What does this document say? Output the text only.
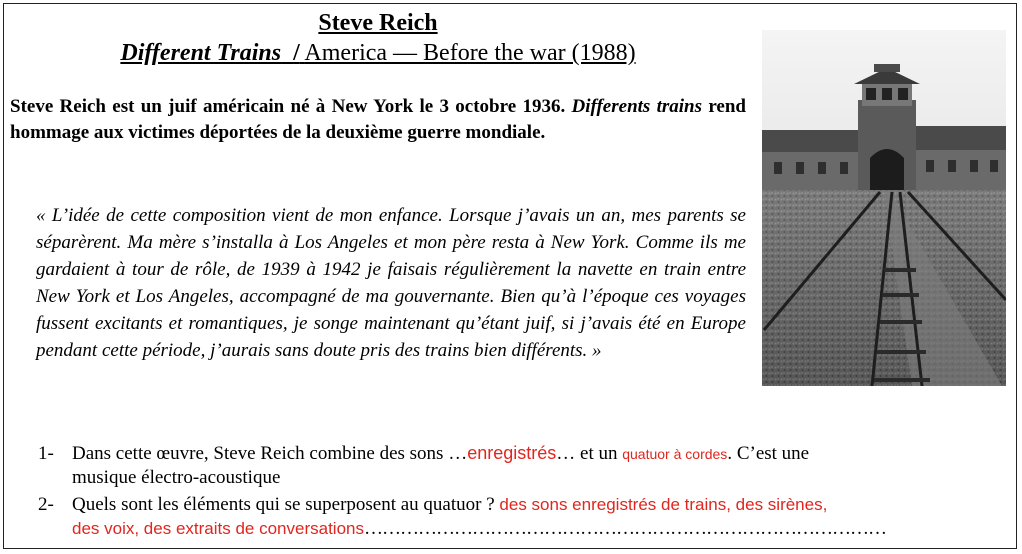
Steve Reich
Different Trains / America — Before the war (1988)
Steve Reich est un juif américain né à New York le 3 octobre 1936. Differents trains rend hommage aux victimes déportées de la deuxième guerre mondiale.
« L’idée de cette composition vient de mon enfance. Lorsque j’avais un an, mes parents se séparèrent. Ma mère s’installa à Los Angeles et mon père resta à New York. Comme ils me gardaient à tour de rôle, de 1939 à 1942 je faisais régulièrement la navette en train entre New York et Los Angeles, accompagné de ma gouvernante. Bien qu’à l’époque ces voyages fussent excitants et romantiques, je songe maintenant qu’étant juif, si j’avais été en Europe pendant cette période, j’aurais sans doute pris des trains bien différents. »
1- Dans cette œuvre, Steve Reich combine des sons …enregistrés… et un quatuor à cordes. C’est une
musique électro-acoustique
2- Quels sont les éléments qui se superposent au quatuor ? des sons enregistrés de trains, des sirènes,
des voix, des extraits de conversations……………………………………………………………………………
